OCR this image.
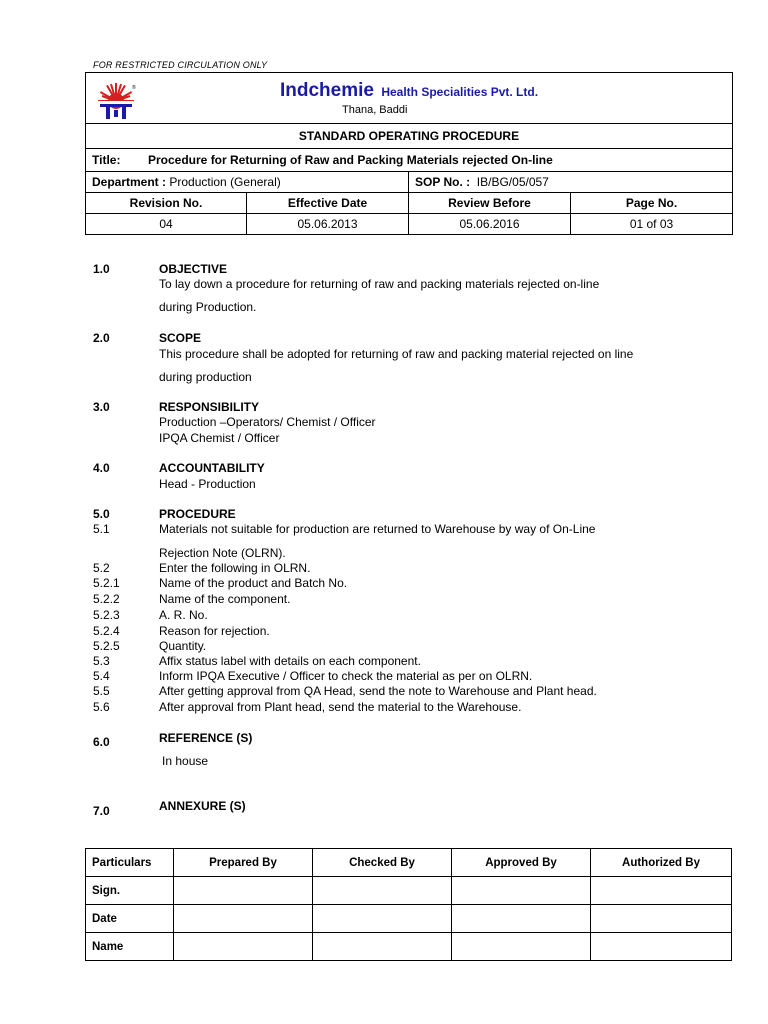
FOR RESTRICTED CIRCULATION ONLY
® Indchemie Health Specialities Pvt. Ltd.
Thana, Baddi			

STANDARD OPERATING PROCEDURE			
Title: Procedure for Returning of Raw and Packing Materials rejected On-line			
Department : Production (General)		SOP No. : IB/BG/05/057	
Revision No.	Effective Date	Review Before	Page No.
04	05.06.2013	05.06.2016	01 of 03
1.0	OBJECTIVE
To lay down a procedure for returning of raw and packing materials rejected on-line
during Production.
2.0	SCOPE
This procedure shall be adopted for returning of raw and packing material rejected on line
during production
3.0	RESPONSIBILITY
Production –Operators/ Chemist / Officer
IPQA Chemist / Officer
4.0	ACCOUNTABILITY
Head - Production
5.0	PROCEDURE
5.1	Materials not suitable for production are returned to Warehouse by way of On-Line
Rejection Note (OLRN).
5.2	Enter the following in OLRN.
5.2.1	Name of the product and Batch No.
5.2.2	Name of the component.
5.2.3	A. R. No.
5.2.4	Reason for rejection.
5.2.5	Quantity.
5.3	Affix status label with details on each component.
5.4	Inform IPQA Executive / Officer to check the material as per on OLRN.
5.5	After getting approval from QA Head, send the note to Warehouse and Plant head.
5.6	After approval from Plant head, send the material to the Warehouse.
6.0	REFERENCE (S)
In house
7.0	ANNEXURE (S)
Particulars	Prepared By	Checked By	Approved By	Authorized By
Sign.				
Date				
Name				
